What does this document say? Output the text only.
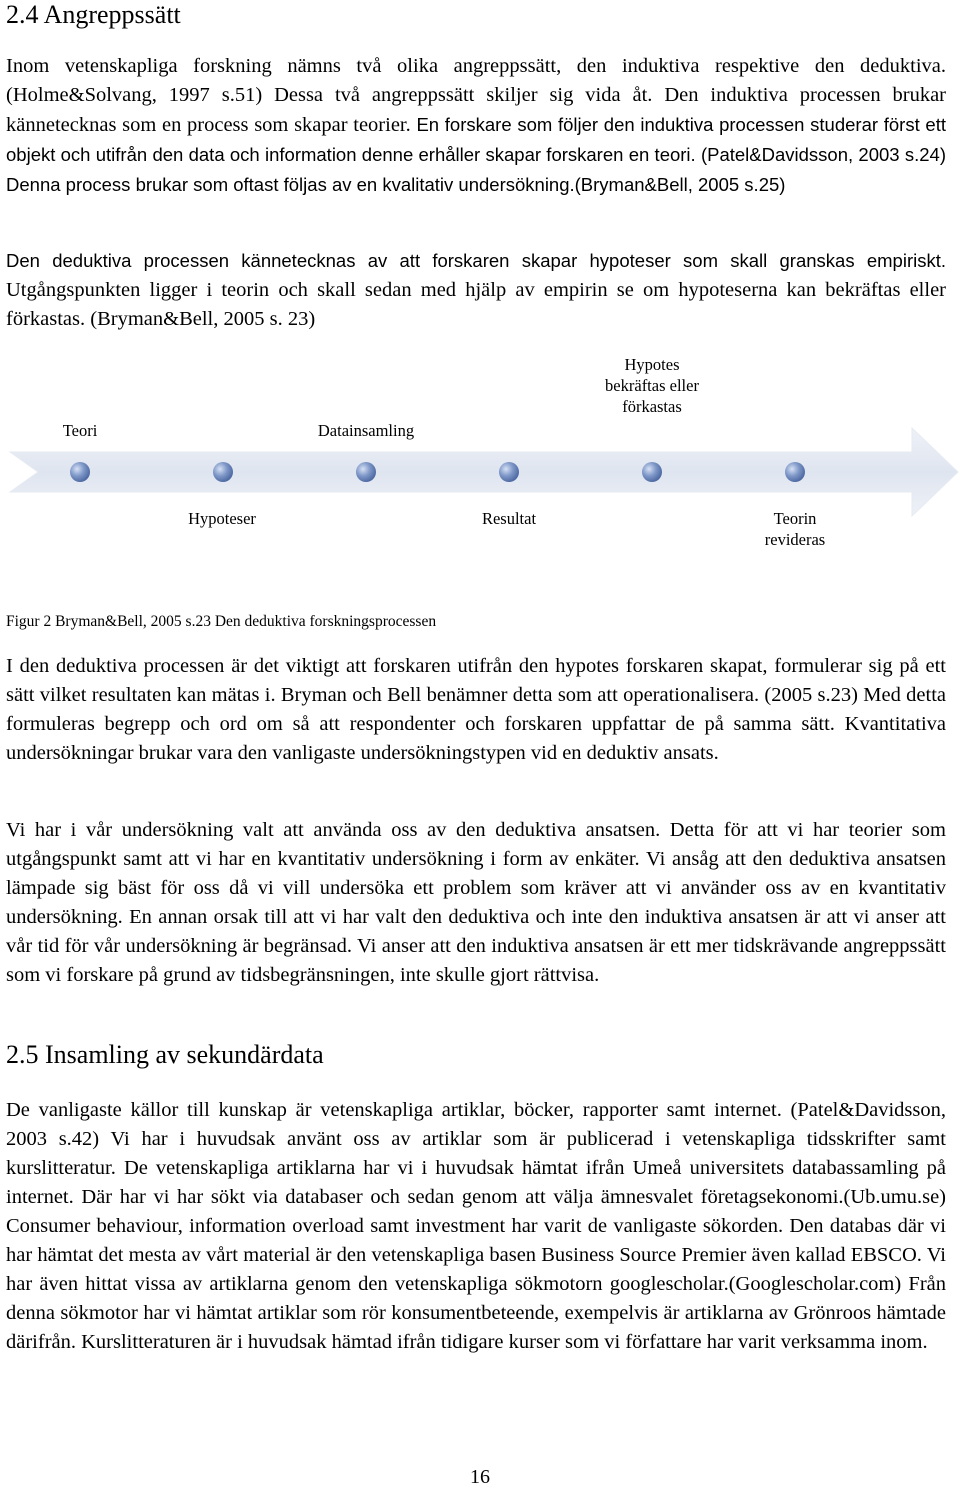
2.4 Angreppssätt

Inom vetenskapliga forskning nämns två olika angreppssätt, den induktiva respektive den deduktiva.(Holme&Solvang, 1997 s.51) Dessa två angreppssätt skiljer sig vida åt. Den induktiva processen brukar kännetecknas som en process som skapar teorier. En forskare som följer den induktiva processen studerar först ett objekt och utifrån den data och information denne erhåller skapar forskaren en teori. (Patel&Davidsson, 2003 s.24) Denna process brukar som oftast följas av en kvalitativ undersökning.(Bryman&Bell, 2005 s.25)

Den deduktiva processen kännetecknas av att forskaren skapar hypoteser som skall granskas empiriskt. Utgångspunkten ligger i teorin och skall sedan med hjälp av empirin se om hypoteserna kan bekräftas eller förkastas. (Bryman&Bell, 2005 s. 23)

Teori	Datainsamling
Hypotes bekräftas eller förkastas
Hypoteser	Resultat	Teorin revideras
Figur 2 Bryman&Bell, 2005 s.23 Den deduktiva forskningsprocessen

I den deduktiva processen är det viktigt att forskaren utifrån den hypotes forskaren skapat, formulerar sig på ett sätt vilket resultaten kan mätas i. Bryman och Bell benämner detta som att operationalisera. (2005 s.23) Med detta formuleras begrepp och ord om så att respondenter och forskaren uppfattar de på samma sätt. Kvantitativa undersökningar brukar vara den vanligaste undersökningstypen vid en deduktiv ansats.

Vi har i vår undersökning valt att använda oss av den deduktiva ansatsen. Detta för att vi har teorier som utgångspunkt samt att vi har en kvantitativ undersökning i form av enkäter. Vi ansåg att den deduktiva ansatsen lämpade sig bäst för oss då vi vill undersöka ett problem som kräver att vi använder oss av en kvantitativ undersökning. En annan orsak till att vi har valt den deduktiva och inte den induktiva ansatsen är att vi anser att vår tid för vår undersökning är begränsad. Vi anser att den induktiva ansatsen är ett mer tidskrävande angreppssätt som vi forskare på grund av tidsbegränsningen, inte skulle gjort rättvisa.

2.5 Insamling av sekundärdata

De vanligaste källor till kunskap är vetenskapliga artiklar, böcker, rapporter samt internet. (Patel&Davidsson, 2003 s.42) Vi har i huvudsak använt oss av artiklar som är publicerad i vetenskapliga tidsskrifter samt kurslitteratur. De vetenskapliga artiklarna har vi i huvudsak hämtat ifrån Umeå universitets databassamling på internet. Där har vi har sökt via databaser och sedan genom att välja ämnesvalet företagsekonomi.(Ub.umu.se) Consumer behaviour, information overload samt investment har varit de vanligaste sökorden. Den databas där vi har hämtat det mesta av vårt material är den vetenskapliga basen Business Source Premier även kallad EBSCO. Vi har även hittat vissa av artiklarna genom den vetenskapliga sökmotorn googlescholar.(Googlescholar.com) Från denna sökmotor har vi hämtat artiklar som rör konsumentbeteende, exempelvis är artiklarna av Grönroos hämtade därifrån. Kurslitteraturen är i huvudsak hämtad ifrån tidigare kurser som vi författare har varit verksamma inom.

16
